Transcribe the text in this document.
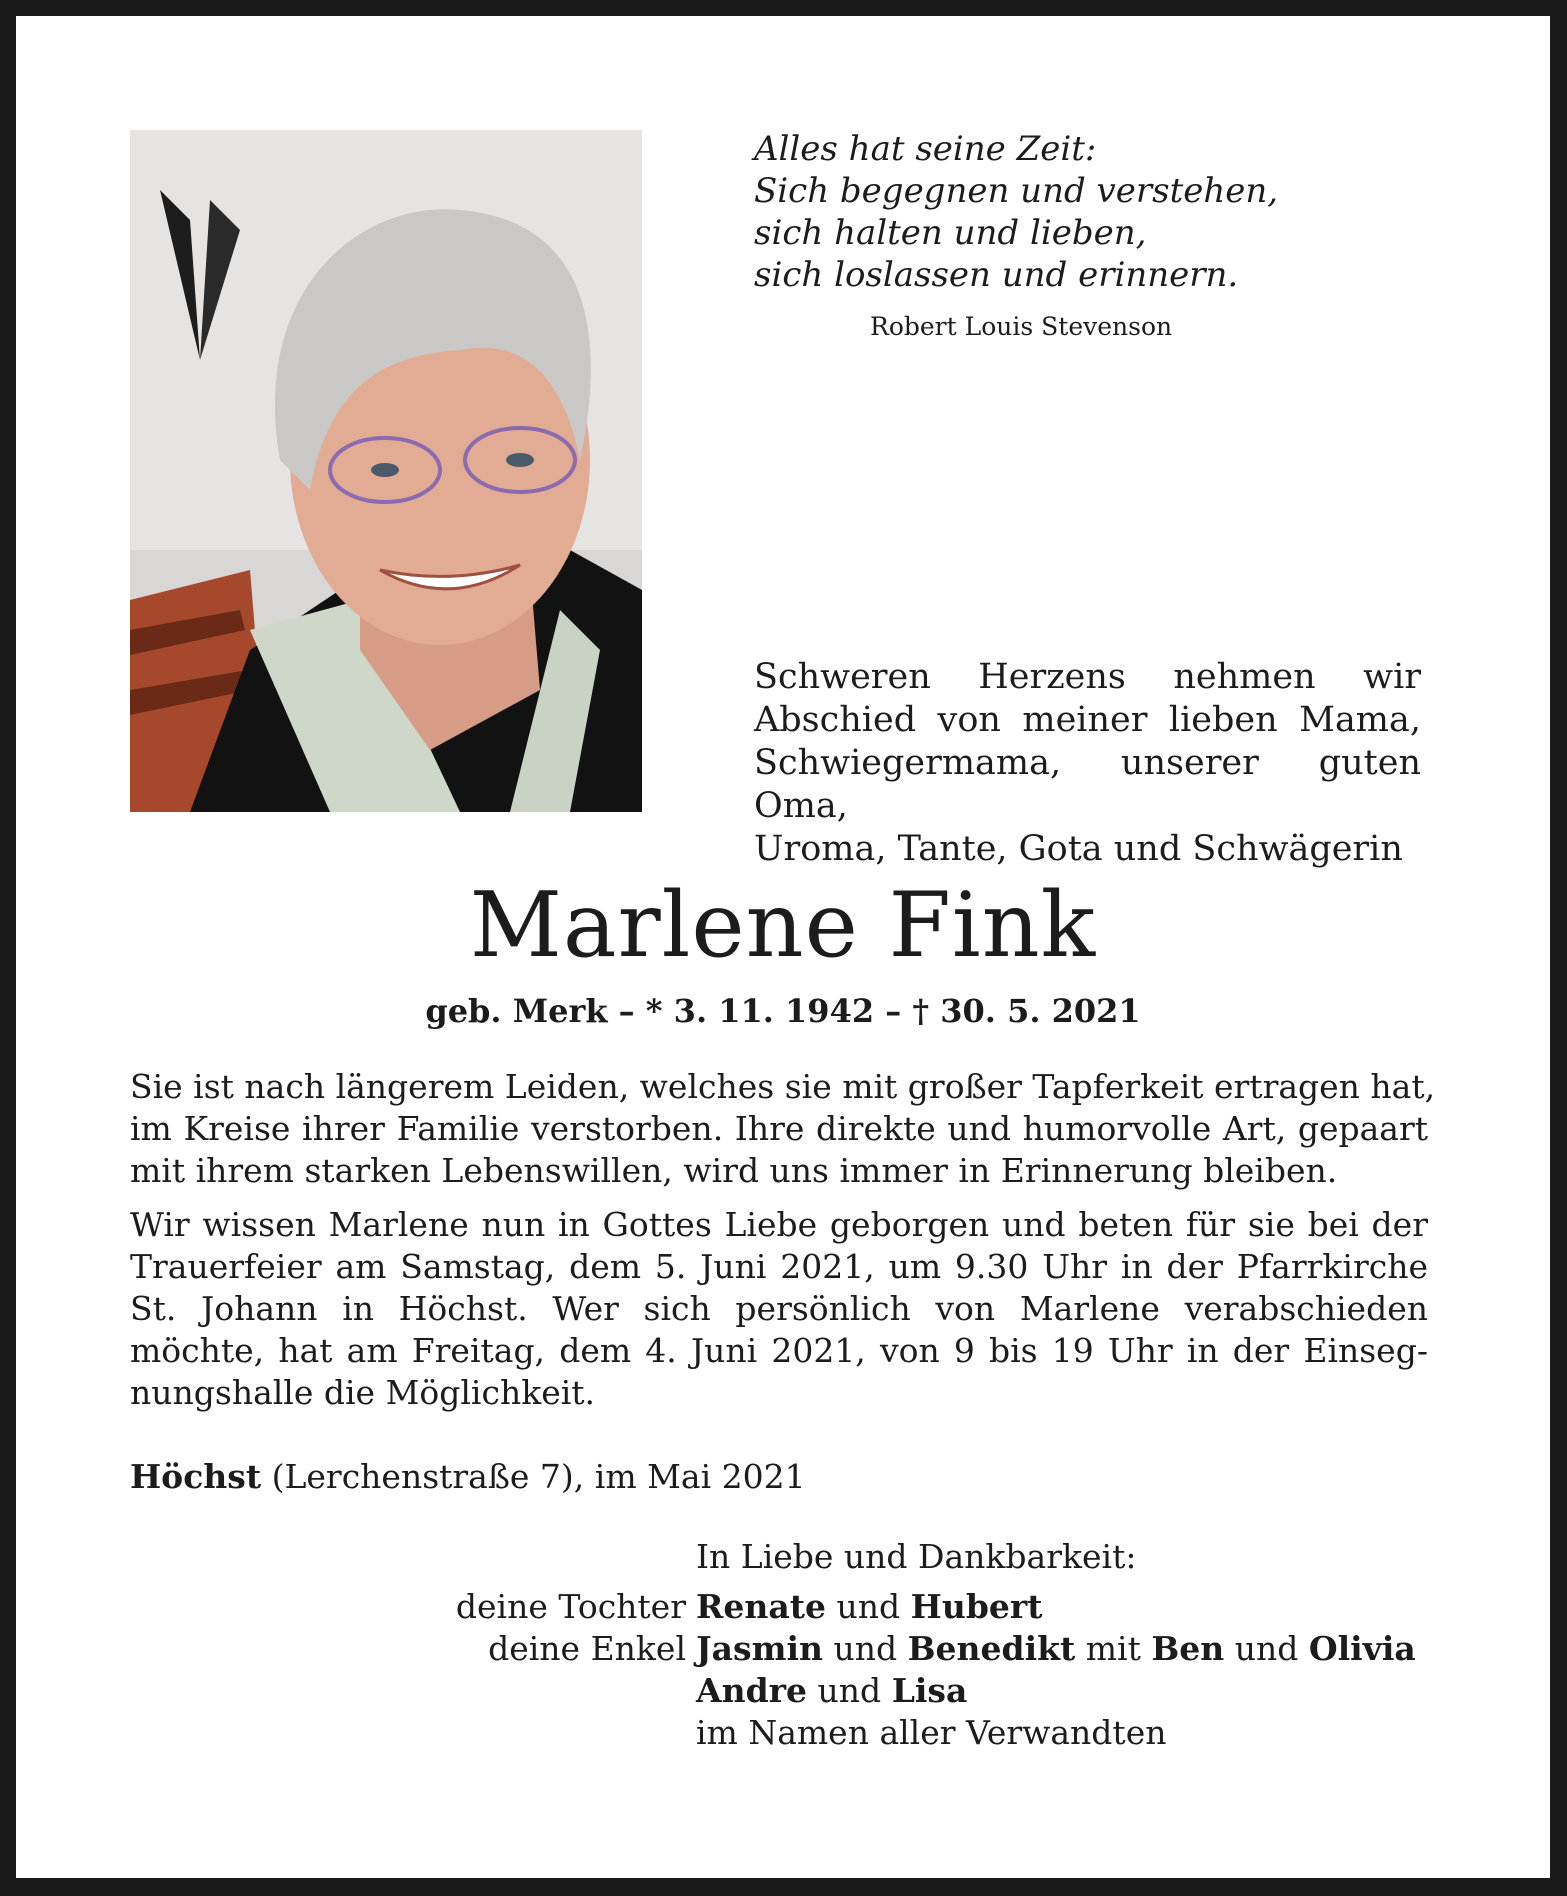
Alles hat seine Zeit:
Sich begegnen und verstehen,
sich halten und lieben,
sich loslassen und erinnern.
Robert Louis Stevenson
Schweren Herzens nehmen wir
Abschied von meiner lieben Mama,
Schwiegermama, unserer guten Oma,
Uroma, Tante, Gota und Schwägerin
Marlene Fink
geb. Merk – * 3. 11. 1942 – † 30. 5. 2021
Sie ist nach längerem Leiden, welches sie mit großer Tapferkeit ertragen hat,
im Kreise ihrer Familie verstorben. Ihre direkte und humorvolle Art, gepaart
mit ihrem starken Lebenswillen, wird uns immer in Erinnerung bleiben.
Wir wissen Marlene nun in Gottes Liebe geborgen und beten für sie bei der
Trauerfeier am Samstag, dem 5. Juni 2021, um 9.30 Uhr in der Pfarrkirche
St. Johann in Höchst. Wer sich persönlich von Marlene verabschieden
möchte, hat am Freitag, dem 4. Juni 2021, von 9 bis 19 Uhr in der Einseg-
nungshalle die Möglichkeit.
Höchst (Lerchenstraße 7), im Mai 2021
In Liebe und Dankbarkeit:
deine Tochter Renate und Hubert
deine Enkel Jasmin und Benedikt mit Ben und Olivia
Andre und Lisa
im Namen aller Verwandten
